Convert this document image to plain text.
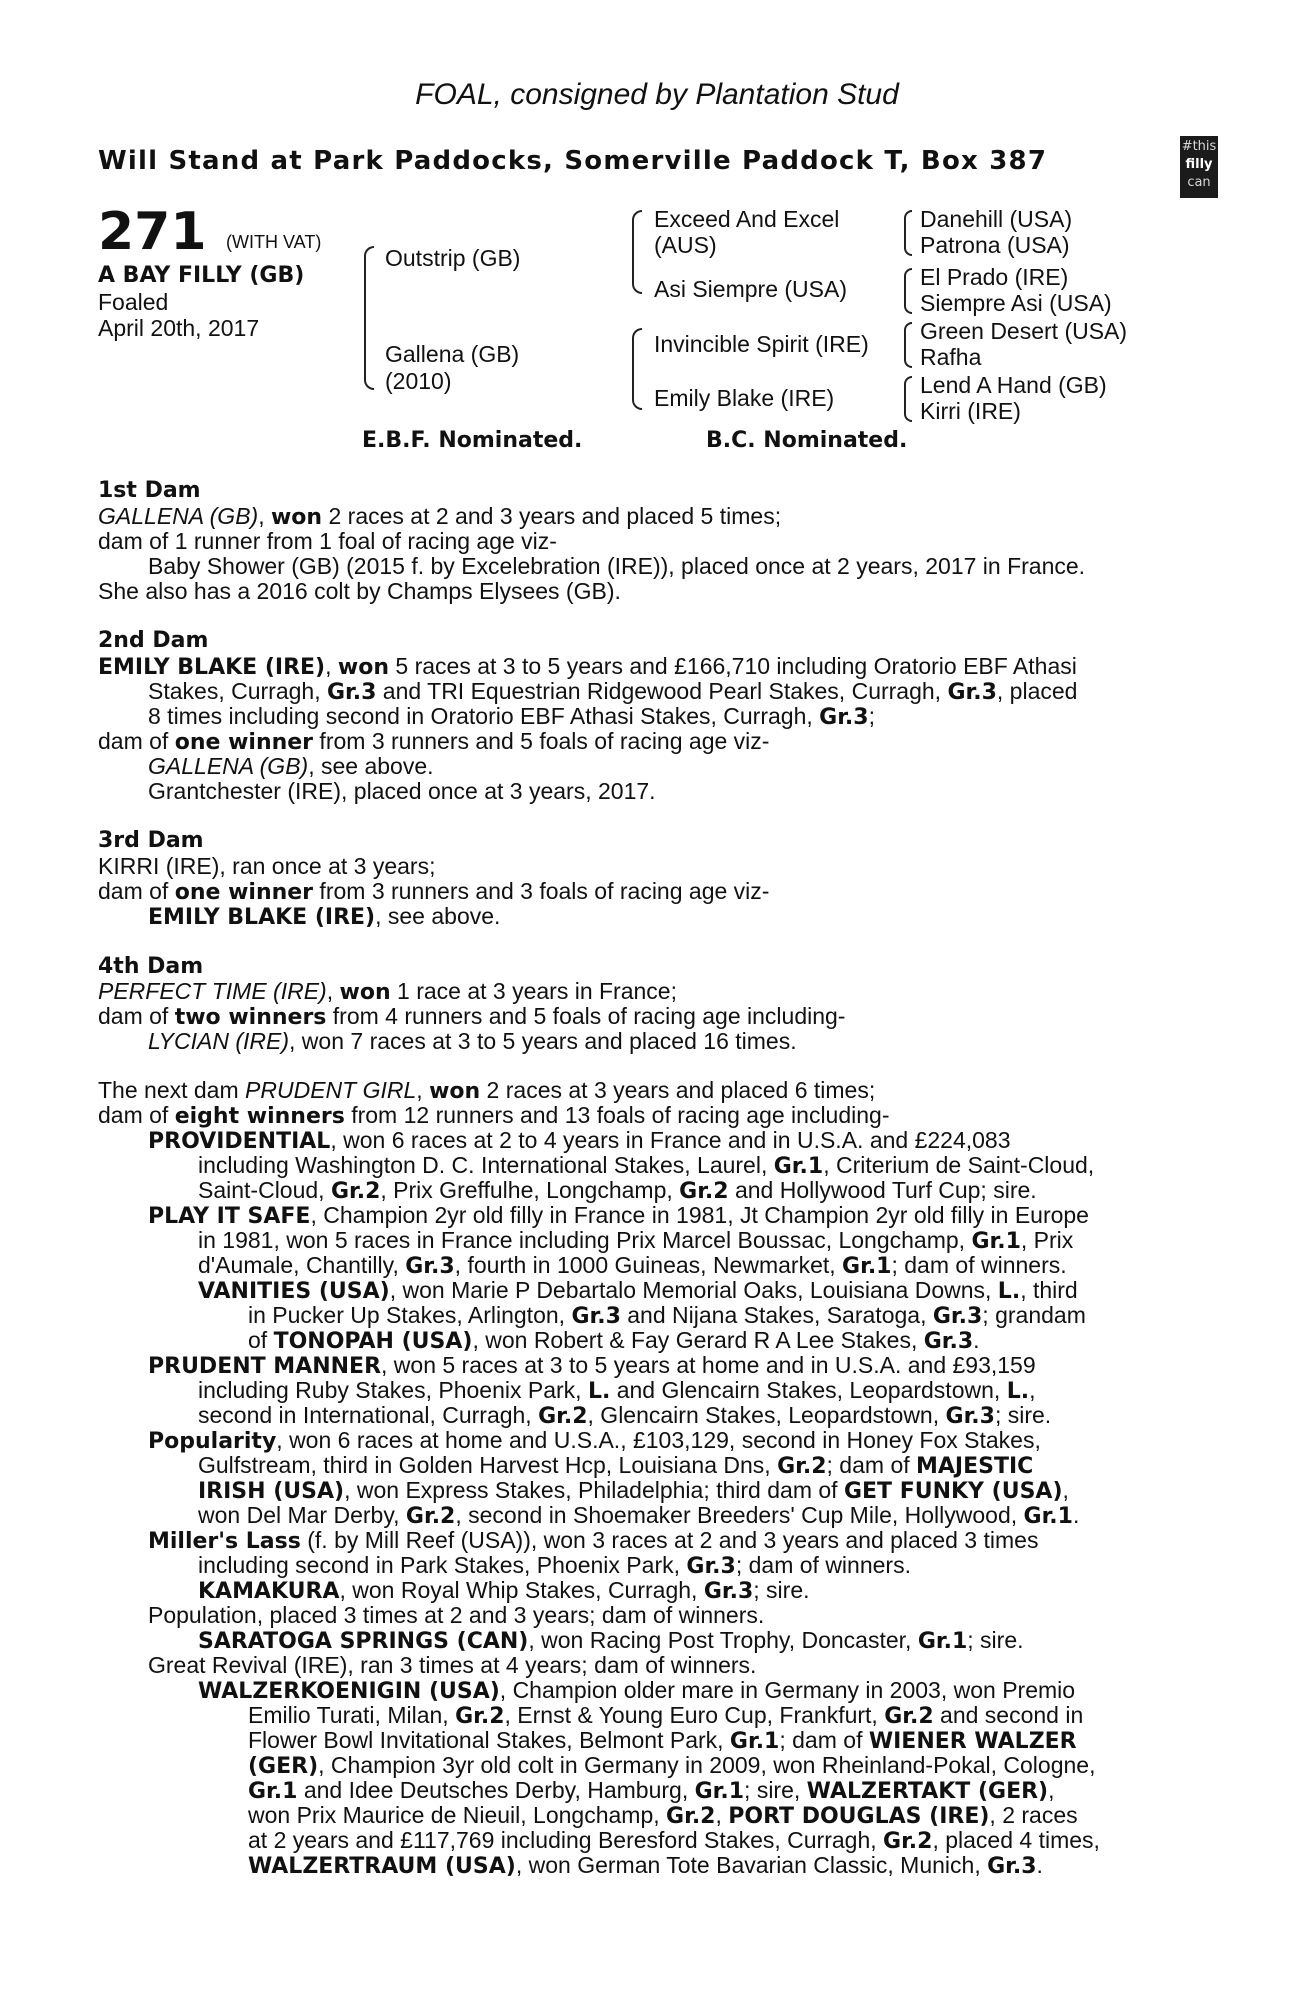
FOAL, consigned by Plantation Stud
Will Stand at Park Paddocks, Somerville Paddock T, Box 387	#this
filly
can
271 (WITH VAT)
A BAY FILLY (GB)
Foaled
April 20th, 2017
Outstrip (GB)
Gallena (GB)
(2010)
Exceed And Excel
(AUS)
Asi Siempre (USA)
Invincible Spirit (IRE)
Emily Blake (IRE)
Danehill (USA)
Patrona (USA)
El Prado (IRE)
Siempre Asi (USA)
Green Desert (USA)
Rafha
Lend A Hand (GB)
Kirri (IRE)
E.B.F. Nominated.	B.C. Nominated.
1st Dam
GALLENA (GB), won 2 races at 2 and 3 years and placed 5 times;
dam of 1 runner from 1 foal of racing age viz-
Baby Shower (GB) (2015 f. by Excelebration (IRE)), placed once at 2 years, 2017 in France.
She also has a 2016 colt by Champs Elysees (GB).
2nd Dam
EMILY BLAKE (IRE), won 5 races at 3 to 5 years and £166,710 including Oratorio EBF Athasi
Stakes, Curragh, Gr.3 and TRI Equestrian Ridgewood Pearl Stakes, Curragh, Gr.3, placed
8 times including second in Oratorio EBF Athasi Stakes, Curragh, Gr.3;
dam of one winner from 3 runners and 5 foals of racing age viz-
GALLENA (GB), see above.
Grantchester (IRE), placed once at 3 years, 2017.
3rd Dam
KIRRI (IRE), ran once at 3 years;
dam of one winner from 3 runners and 3 foals of racing age viz-
EMILY BLAKE (IRE), see above.
4th Dam
PERFECT TIME (IRE), won 1 race at 3 years in France;
dam of two winners from 4 runners and 5 foals of racing age including-
LYCIAN (IRE), won 7 races at 3 to 5 years and placed 16 times.
The next dam PRUDENT GIRL, won 2 races at 3 years and placed 6 times;
dam of eight winners from 12 runners and 13 foals of racing age including-
PROVIDENTIAL, won 6 races at 2 to 4 years in France and in U.S.A. and £224,083
including Washington D. C. International Stakes, Laurel, Gr.1, Criterium de Saint-Cloud,
Saint-Cloud, Gr.2, Prix Greffulhe, Longchamp, Gr.2 and Hollywood Turf Cup; sire.
PLAY IT SAFE, Champion 2yr old filly in France in 1981, Jt Champion 2yr old filly in Europe
in 1981, won 5 races in France including Prix Marcel Boussac, Longchamp, Gr.1, Prix
d'Aumale, Chantilly, Gr.3, fourth in 1000 Guineas, Newmarket, Gr.1; dam of winners.
VANITIES (USA), won Marie P Debartalo Memorial Oaks, Louisiana Downs, L., third
in Pucker Up Stakes, Arlington, Gr.3 and Nijana Stakes, Saratoga, Gr.3; grandam
of TONOPAH (USA), won Robert & Fay Gerard R A Lee Stakes, Gr.3.
PRUDENT MANNER, won 5 races at 3 to 5 years at home and in U.S.A. and £93,159
including Ruby Stakes, Phoenix Park, L. and Glencairn Stakes, Leopardstown, L.,
second in International, Curragh, Gr.2, Glencairn Stakes, Leopardstown, Gr.3; sire.
Popularity, won 6 races at home and U.S.A., £103,129, second in Honey Fox Stakes,
Gulfstream, third in Golden Harvest Hcp, Louisiana Dns, Gr.2; dam of MAJESTIC
IRISH (USA), won Express Stakes, Philadelphia; third dam of GET FUNKY (USA),
won Del Mar Derby, Gr.2, second in Shoemaker Breeders' Cup Mile, Hollywood, Gr.1.
Miller's Lass (f. by Mill Reef (USA)), won 3 races at 2 and 3 years and placed 3 times
including second in Park Stakes, Phoenix Park, Gr.3; dam of winners.
KAMAKURA, won Royal Whip Stakes, Curragh, Gr.3; sire.
Population, placed 3 times at 2 and 3 years; dam of winners.
SARATOGA SPRINGS (CAN), won Racing Post Trophy, Doncaster, Gr.1; sire.
Great Revival (IRE), ran 3 times at 4 years; dam of winners.
WALZERKOENIGIN (USA), Champion older mare in Germany in 2003, won Premio
Emilio Turati, Milan, Gr.2, Ernst & Young Euro Cup, Frankfurt, Gr.2 and second in
Flower Bowl Invitational Stakes, Belmont Park, Gr.1; dam of WIENER WALZER
(GER), Champion 3yr old colt in Germany in 2009, won Rheinland-Pokal, Cologne,
Gr.1 and Idee Deutsches Derby, Hamburg, Gr.1; sire, WALZERTAKT (GER),
won Prix Maurice de Nieuil, Longchamp, Gr.2, PORT DOUGLAS (IRE), 2 races
at 2 years and £117,769 including Beresford Stakes, Curragh, Gr.2, placed 4 times,
WALZERTRAUM (USA), won German Tote Bavarian Classic, Munich, Gr.3.
